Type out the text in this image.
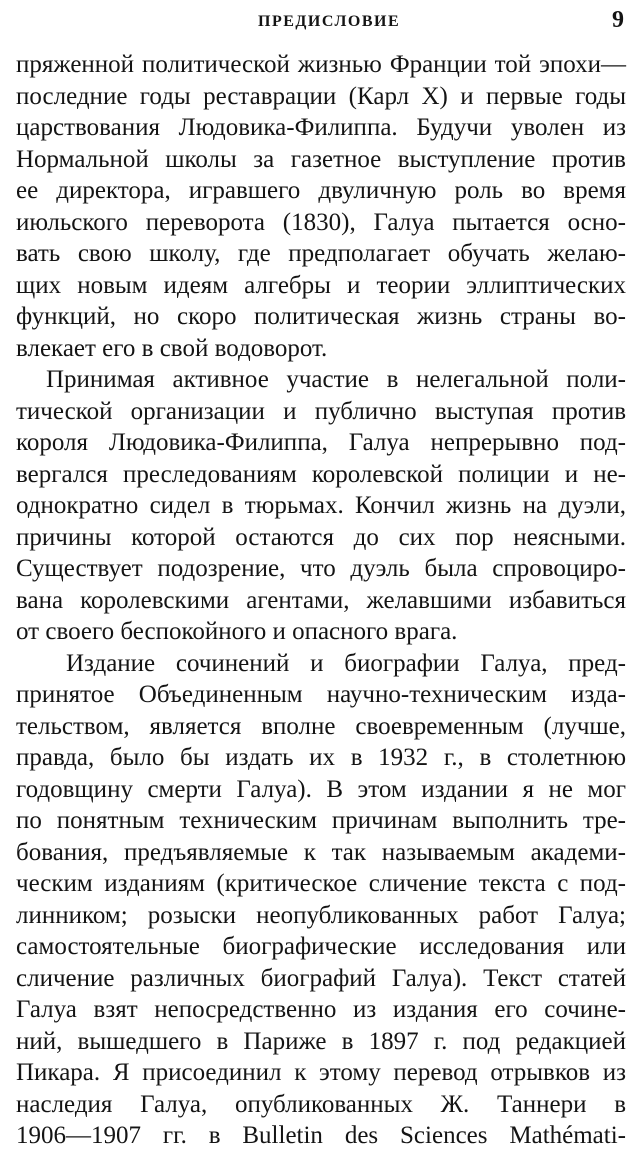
ПРЕДИСЛОВИЕ	9
пряженной политической жизнью Франции той эпохи—
последние годы реставрации (Карл X) и первые годы
царствования Людовика-Филиппа. Будучи уволен из
Нормальной школы за газетное выступление против
ее директора, игравшего двуличную роль во время
июльского переворота (1830), Галуа пытается осно-
вать свою школу, где предполагает обучать желаю-
щих новым идеям алгебры и теории эллиптических
функций, но скоро политическая жизнь страны во-
влекает его в свой водоворот.
Принимая активное участие в нелегальной поли-
тической организации и публично выступая против
короля Людовика-Филиппа, Галуа непрерывно под-
вергался преследованиям королевской полиции и не-
однократно сидел в тюрьмах. Кончил жизнь на дуэли,
причины которой остаются до сих пор неясными.
Существует подозрение, что дуэль была спровоциро-
вана королевскими агентами, желавшими избавиться
от своего беспокойного и опасного врага.
Издание сочинений и биографии Галуа, пред-
принятое Объединенным научно-техническим изда-
тельством, является вполне своевременным (лучше,
правда, было бы издать их в 1932 г., в столетнюю
годовщину смерти Галуа). В этом издании я не мог
по понятным техническим причинам выполнить тре-
бования, предъявляемые к так называемым академи-
ческим изданиям (критическое сличение текста с под-
линником; розыски неопубликованных работ Галуа;
самостоятельные биографические исследования или
сличение различных биографий Галуа). Текст статей
Галуа взят непосредственно из издания его сочине-
ний, вышедшего в Париже в 1897 г. под редакцией
Пикара. Я присоединил к этому перевод отрывков из
наследия Галуа, опубликованных Ж. Таннери в
1906—1907 гг. в Bulletin des Sciences Mathémati-
